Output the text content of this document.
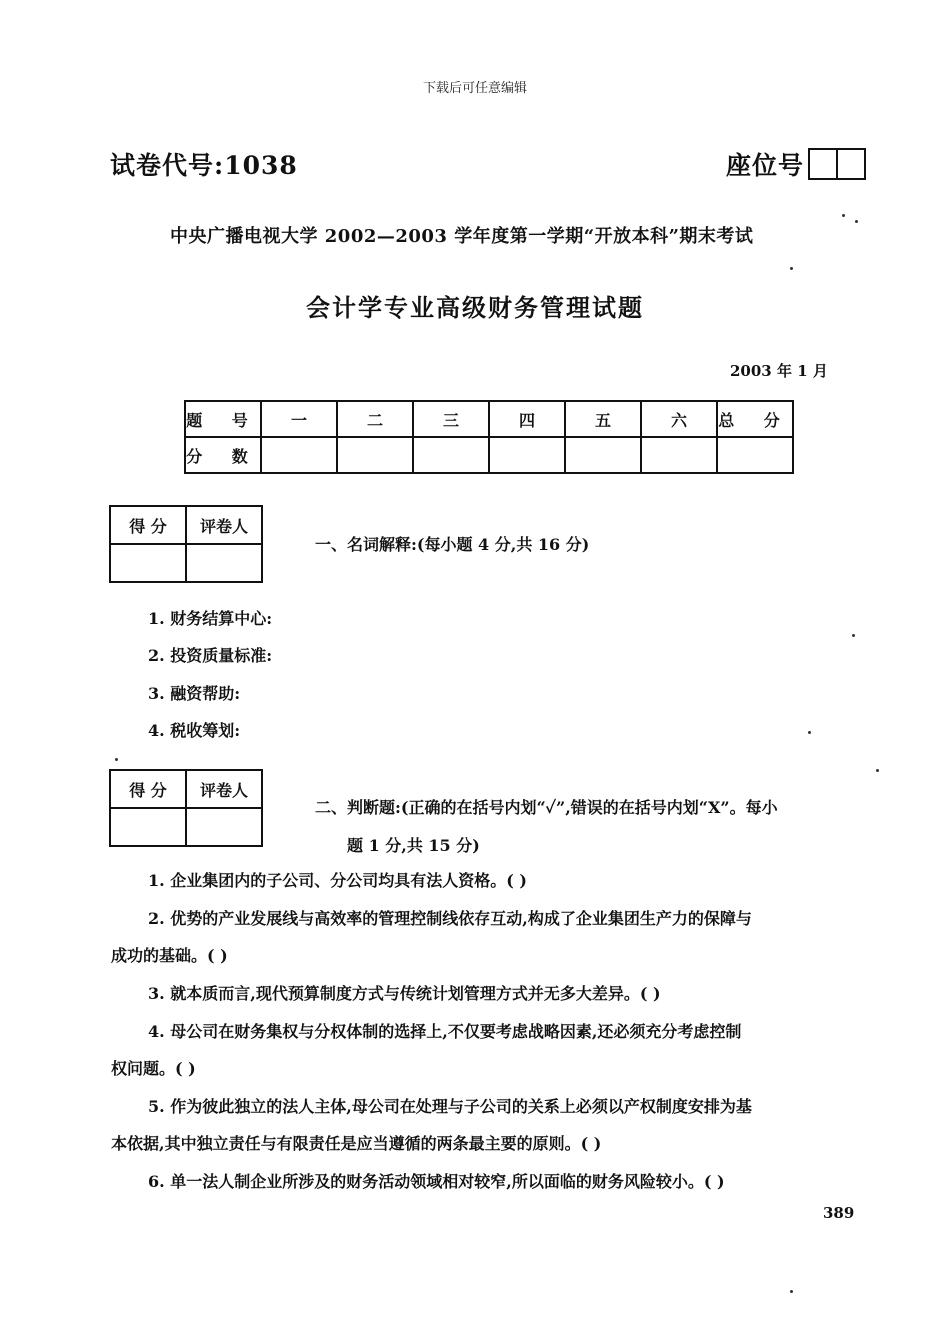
下载后可任意编辑
试卷代号:1038	座位号
中央广播电视大学 2002—2003 学年度第一学期“开放本科”期末考试
会计学专业高级财务管理试题
2003 年 1 月
题 号	一	二	三	四	五	六	总 分
分 数							
得 分	评卷人

一、名词解释:(每小题 4 分,共 16 分)
1. 财务结算中心:
2. 投资质量标准:
3. 融资帮助:
4. 税收筹划:
得 分	评卷人

二、判断题:(正确的在括号内划“✓”,错误的在括号内划“X”。每小
题 1 分,共 15 分)
1. 企业集团内的子公司、分公司均具有法人资格。( )
2. 优势的产业发展线与高效率的管理控制线依存互动,构成了企业集团生产力的保障与
成功的基础。( )
3. 就本质而言,现代预算制度方式与传统计划管理方式并无多大差异。( )
4. 母公司在财务集权与分权体制的选择上,不仅要考虑战略因素,还必须充分考虑控制
权问题。( )
5. 作为彼此独立的法人主体,母公司在处理与子公司的关系上必须以产权制度安排为基
本依据,其中独立责任与有限责任是应当遵循的两条最主要的原则。( )
6. 单一法人制企业所涉及的财务活动领域相对较窄,所以面临的财务风险较小。( )
389
